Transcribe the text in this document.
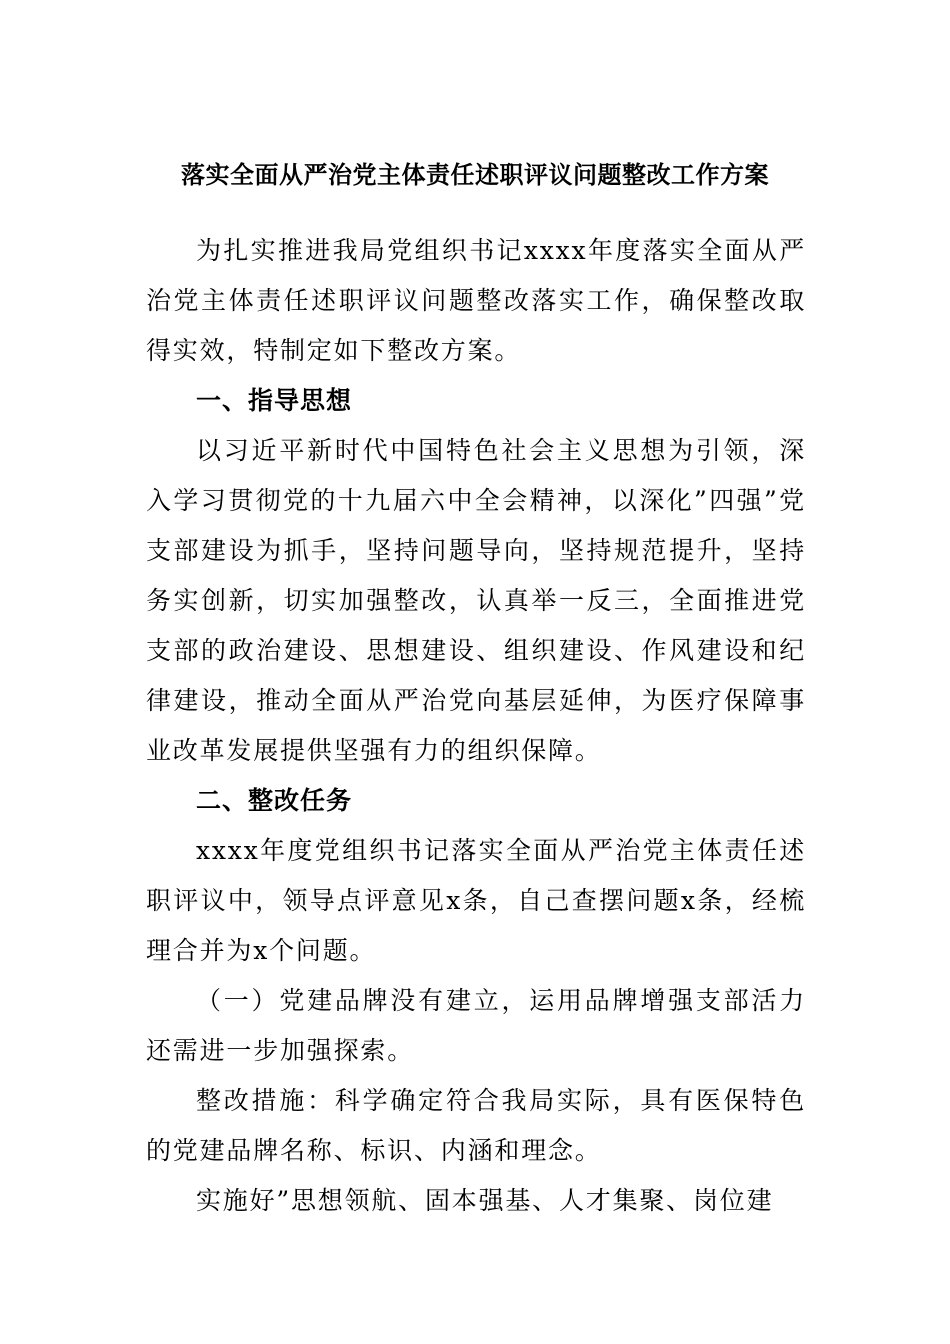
落实全面从严治党主体责任述职评议问题整改工作方案

为扎实推进我局党组织书记xxxx年度落实全面从严治党主体责任述职评议问题整改落实工作，确保整改取得实效，特制定如下整改方案。

一、指导思想

以习近平新时代中国特色社会主义思想为引领，深入学习贯彻党的十九届六中全会精神，以深化”四强”党支部建设为抓手，坚持问题导向，坚持规范提升，坚持务实创新，切实加强整改，认真举一反三，全面推进党支部的政治建设、思想建设、组织建设、作风建设和纪律建设，推动全面从严治党向基层延伸，为医疗保障事业改革发展提供坚强有力的组织保障。

二、整改任务

xxxx年度党组织书记落实全面从严治党主体责任述职评议中，领导点评意见x条，自己查摆问题x条，经梳理合并为x个问题。

（一）党建品牌没有建立，运用品牌增强支部活力还需进一步加强探索。

整改措施：科学确定符合我局实际，具有医保特色的党建品牌名称、标识、内涵和理念。

实施好”思想领航、固本强基、人才集聚、岗位建
